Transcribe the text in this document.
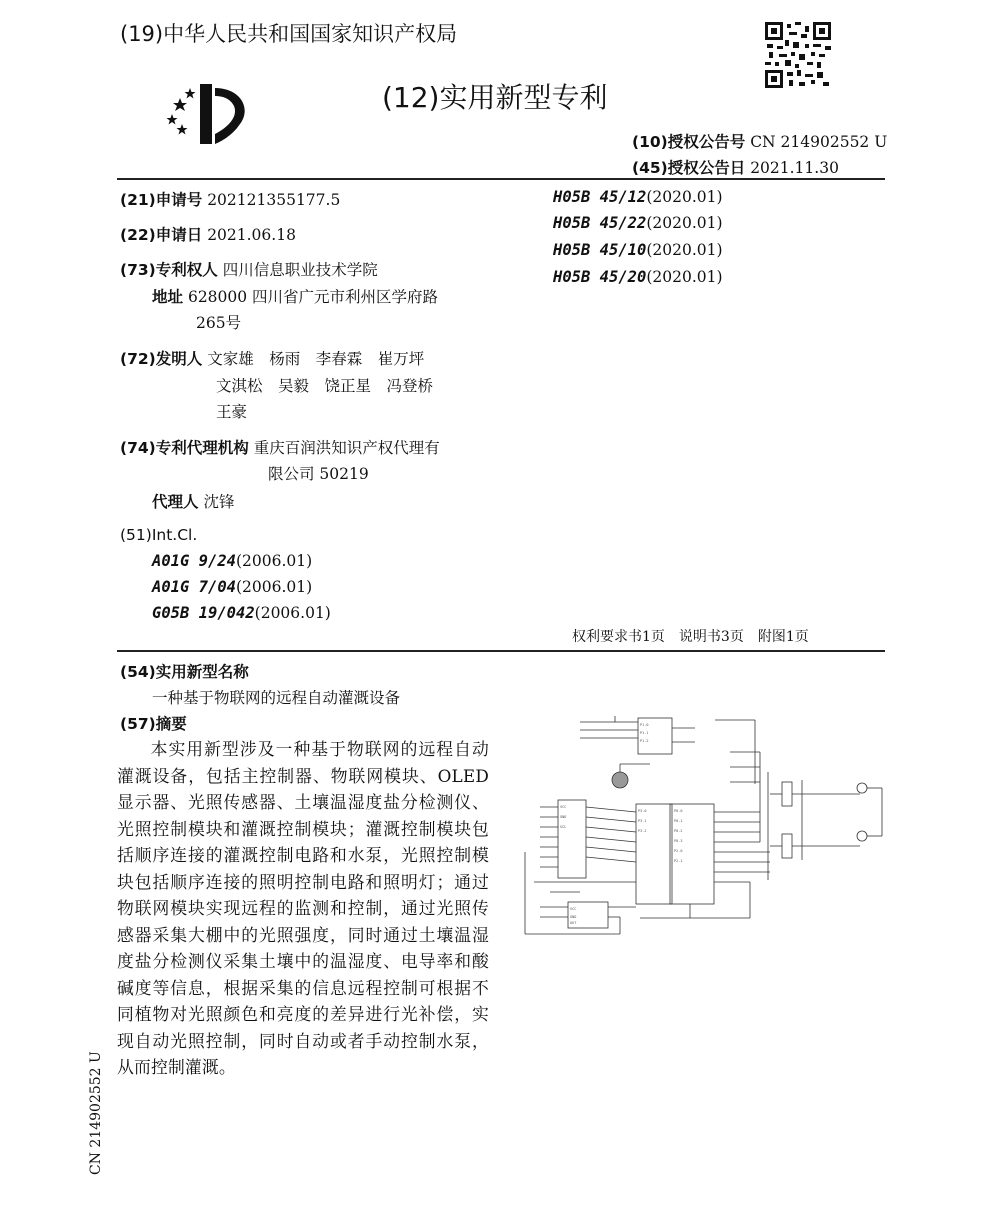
(19)中华人民共和国国家知识产权局
(12)实用新型专利
(10)授权公告号 CN 214902552 U
(45)授权公告日 2021.11.30
(21)申请号 202121355177.5
(22)申请日 2021.06.18
(73)专利权人 四川信息职业技术学院
地址 628000 四川省广元市利州区学府路
265号
(72)发明人 文家雄　杨雨　李春霖　崔万坪
文淇松　吴毅　饶正星　冯登桥
王豪
(74)专利代理机构 重庆百润洪知识产权代理有
限公司 50219
代理人 沈锋
(51)Int.Cl.
A01G 9/24(2006.01)
A01G 7/04(2006.01)
G05B 19/042(2006.01)
H05B 45/12(2020.01)
H05B 45/22(2020.01)
H05B 45/10(2020.01)
H05B 45/20(2020.01)
权利要求书1页　说明书3页　附图1页
(54)实用新型名称
一种基于物联网的远程自动灌溉设备
(57)摘要
本实用新型涉及一种基于物联网的远程自动灌溉设备，包括主控制器、物联网模块、OLED显示器、光照传感器、土壤温湿度盐分检测仪、光照控制模块和灌溉控制模块；灌溉控制模块包括顺序连接的灌溉控制电路和水泵，光照控制模块包括顺序连接的照明控制电路和照明灯；通过物联网模块实现远程的监测和控制，通过光照传感器采集大棚中的光照强度，同时通过土壤温湿度盐分检测仪采集土壤中的温湿度、电导率和酸碱度等信息，根据采集的信息远程控制可根据不同植物对光照颜色和亮度的差异进行光补偿，实现自动光照控制，同时自动或者手动控制水泵，从而控制灌溉。
P1.0
P1.1
P1.2
P0.0
P0.1
P0.2
P0.3
P2.0
P2.1
P3.0
P3.1
P3.2
VCC
GND
SCL
VCC
GND
OUT
CN 214902552 U
